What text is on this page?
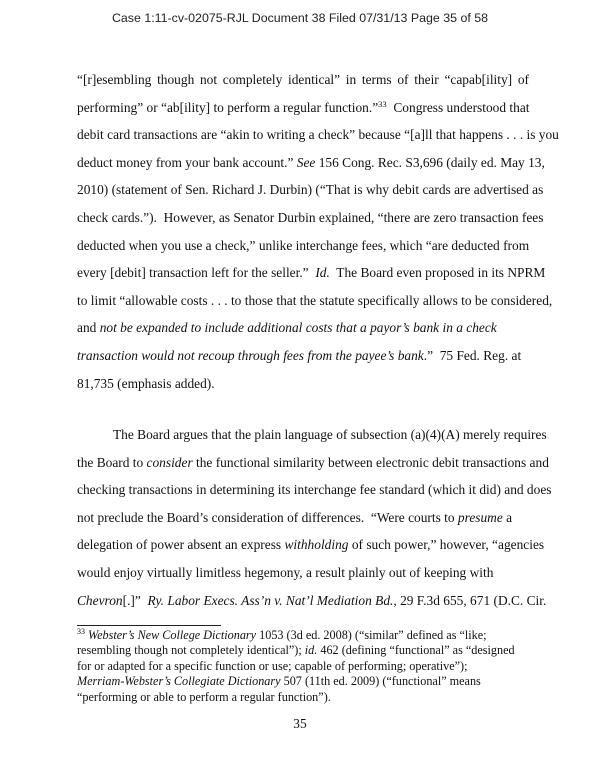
Case 1:11-cv-02075-RJL Document 38 Filed 07/31/13 Page 35 of 58
“[r]esembling though not completely identical” in terms of their “capab[ility] of
performing” or “ab[ility] to perform a regular function.”$^{33}$  Congress understood that
debit card transactions are “akin to writing a check” because “[a]ll that happens . . . is you
deduct money from your bank account.” See 156 Cong. Rec. S3,696 (daily ed. May 13,
2010) (statement of Sen. Richard J. Durbin) (“That is why debit cards are advertised as
check cards.”).  However, as Senator Durbin explained, “there are zero transaction fees
deducted when you use a check,” unlike interchange fees, which “are deducted from
every [debit] transaction left for the seller.”  Id.  The Board even proposed in its NPRM
to limit “allowable costs . . . to those that the statute specifically allows to be considered,
and not be expanded to include additional costs that a payor’s bank in a check
transaction would not recoup through fees from the payee’s bank.”  75 Fed. Reg. at
81,735 (emphasis added).
The Board argues that the plain language of subsection (a)(4)(A) merely requires
the Board to consider the functional similarity between electronic debit transactions and
checking transactions in determining its interchange fee standard (which it did) and does
not preclude the Board’s consideration of differences.  “Were courts to presume a
delegation of power absent an express withholding of such power,” however, “agencies
would enjoy virtually limitless hegemony, a result plainly out of keeping with
Chevron[.]”  Ry. Labor Execs. Ass’n v. Nat’l Mediation Bd., 29 F.3d 655, 671 (D.C. Cir.
$^{33}$ Webster’s New College Dictionary 1053 (3d ed. 2008) (“similar” defined as “like;
resembling though not completely identical”); id. 462 (defining “functional” as “designed
for or adapted for a specific function or use; capable of performing; operative”);
Merriam-Webster’s Collegiate Dictionary 507 (11th ed. 2009) (“functional” means
“performing or able to perform a regular function”).
35
